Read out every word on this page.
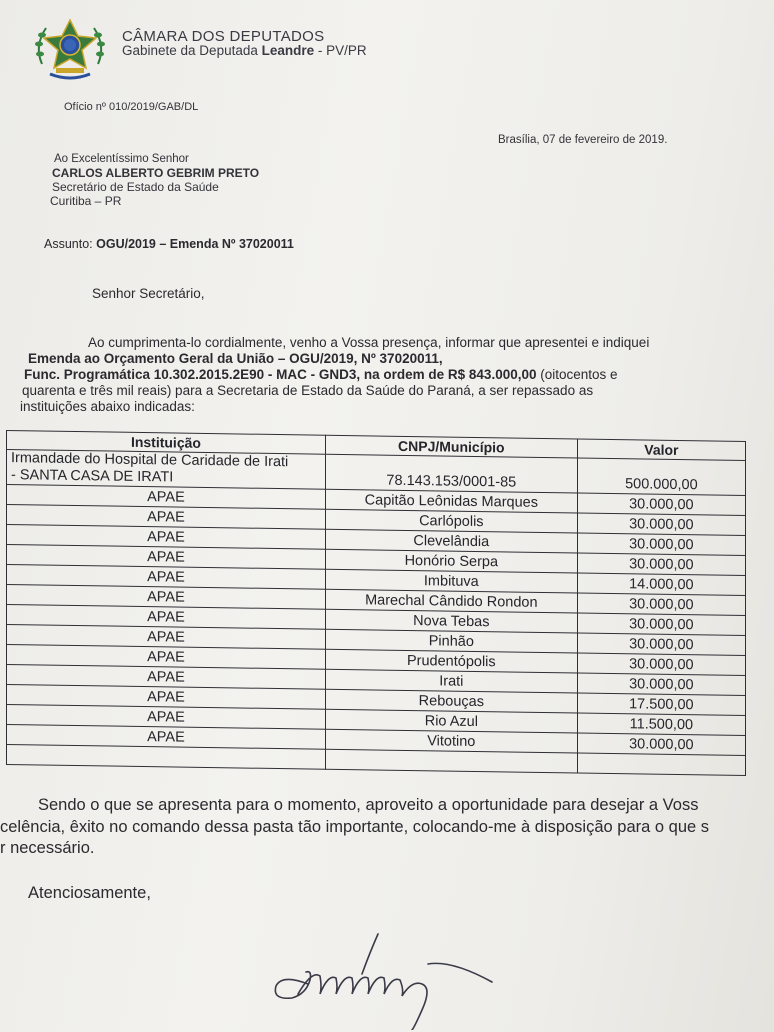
CÂMARA DOS DEPUTADOS
Gabinete da Deputada Leandre - PV/PR
Ofício nº 010/2019/GAB/DL
Brasília, 07 de fevereiro de 2019.
Ao Excelentíssimo Senhor
CARLOS ALBERTO GEBRIM PRETO
Secretário de Estado da Saúde
Curitiba – PR
Assunto: OGU/2019 – Emenda Nº 37020011
Senhor Secretário,
Ao cumprimenta-lo cordialmente, venho a Vossa presença, informar que apresentei e indiquei
Emenda ao Orçamento Geral da União – OGU/2019, Nº 37020011,
Func. Programática 10.302.2015.2E90 - MAC - GND3, na ordem de R$ 843.000,00 (oitocentos e
quarenta e três mil reais) para a Secretaria de Estado da Saúde do Paraná, a ser repassado as
instituições abaixo indicadas:
Instituição	CNPJ/Município	Valor
Irmandade do Hospital de Caridade de Irati
- SANTA CASA DE IRATI	78.143.153/0001-85	500.000,00
APAE	Capitão Leônidas Marques	30.000,00
APAE	Carlópolis	30.000,00
APAE	Clevelândia	30.000,00
APAE	Honório Serpa	30.000,00
APAE	Imbituva	14.000,00
APAE	Marechal Cândido Rondon	30.000,00
APAE	Nova Tebas	30.000,00
APAE	Pinhão	30.000,00
APAE	Prudentópolis	30.000,00
APAE	Irati	30.000,00
APAE	Rebouças	17.500,00
APAE	Rio Azul	11.500,00
APAE	Vitotino	30.000,00

Sendo o que se apresenta para o momento, aproveito a oportunidade para desejar a Voss
celência, êxito no comando dessa pasta tão importante, colocando-me à disposição para o que s
r necessário.
Atenciosamente,
